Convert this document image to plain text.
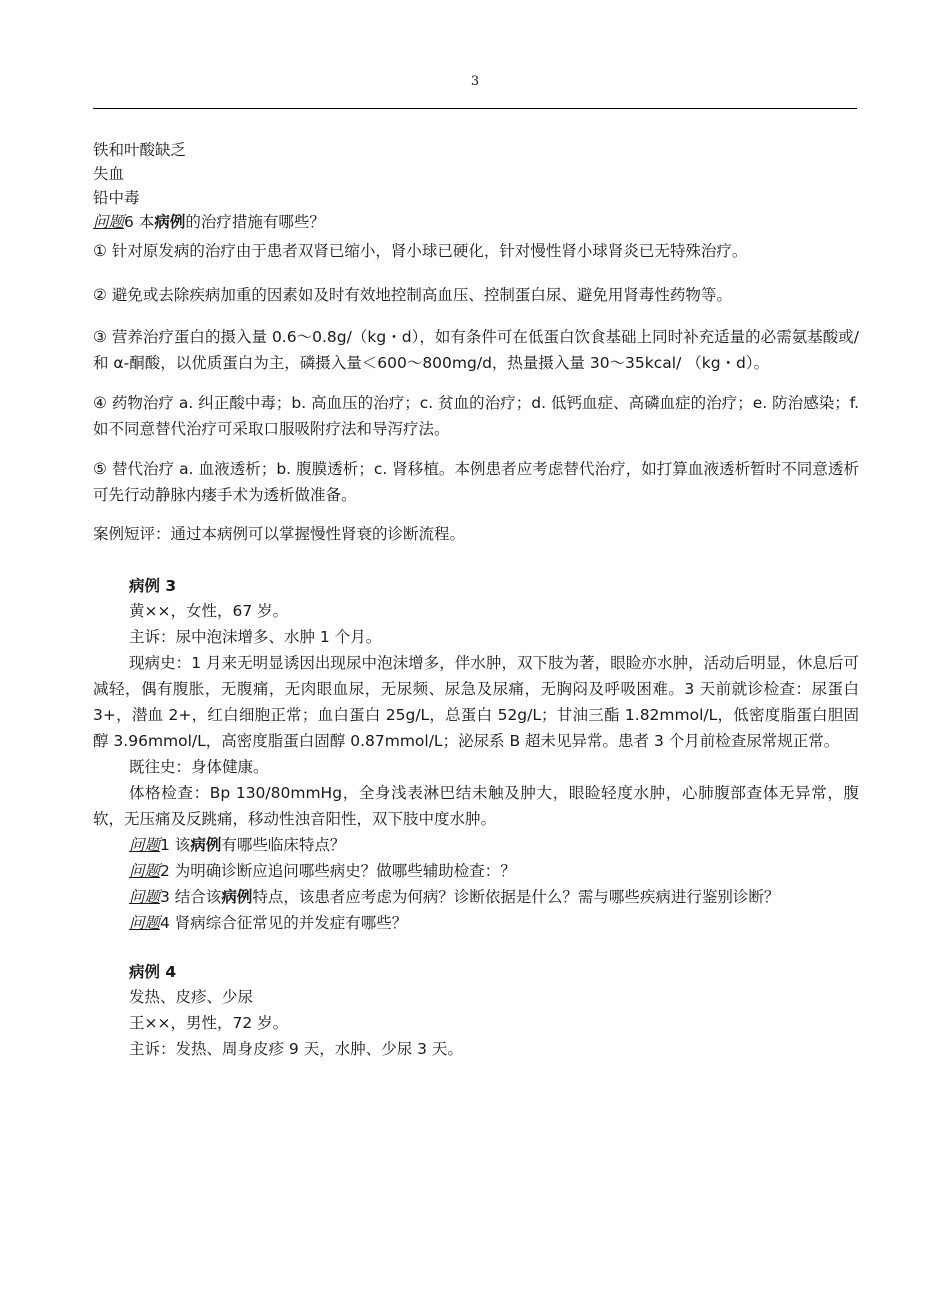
3
铁和叶酸缺乏
失血
铅中毒
问题6 本病例的治疗措施有哪些？
① 针对原发病的治疗由于患者双肾已缩小，肾小球已硬化，针对慢性肾小球肾炎已无特殊治疗。
② 避免或去除疾病加重的因素如及时有效地控制高血压、控制蛋白尿、避免用肾毒性药物等。
③ 营养治疗蛋白的摄入量 0.6～0.8g/（kg・d），如有条件可在低蛋白饮食基础上同时补充适量的必需氨基酸或/和 α-酮酸，以优质蛋白为主，磷摄入量＜600～800mg/d，热量摄入量 30～35kcal/ （kg・d）。
④ 药物治疗 a. 纠正酸中毒；b. 高血压的治疗；c. 贫血的治疗；d. 低钙血症、高磷血症的治疗；e. 防治感染；f. 如不同意替代治疗可采取口服吸附疗法和导泻疗法。
⑤ 替代治疗 a. 血液透析；b. 腹膜透析；c. 肾移植。本例患者应考虑替代治疗，如打算血液透析暂时不同意透析可先行动静脉内瘘手术为透析做准备。
案例短评：通过本病例可以掌握慢性肾衰的诊断流程。
病例 3
黄××，女性，67 岁。
主诉：尿中泡沫增多、水肿 1 个月。
现病史：1 月来无明显诱因出现尿中泡沫增多，伴水肿，双下肢为著，眼睑亦水肿，活动后明显，休息后可减轻，偶有腹胀，无腹痛，无肉眼血尿，无尿频、尿急及尿痛，无胸闷及呼吸困难。3 天前就诊检查：尿蛋白 3+，潜血 2+，红白细胞正常；血白蛋白 25g/L，总蛋白 52g/L；甘油三酯 1.82mmol/L，低密度脂蛋白胆固醇 3.96mmol/L，高密度脂蛋白固醇 0.87mmol/L；泌尿系 B 超未见异常。患者 3 个月前检查尿常规正常。
既往史：身体健康。
体格检查：Bp 130/80mmHg，全身浅表淋巴结未触及肿大，眼睑轻度水肿，心肺腹部查体无异常，腹软，无压痛及反跳痛，移动性浊音阳性，双下肢中度水肿。
问题1 该病例有哪些临床特点？
问题2 为明确诊断应追问哪些病史？做哪些辅助检查：？
问题3 结合该病例特点，该患者应考虑为何病？诊断依据是什么？需与哪些疾病进行鉴别诊断？
问题4 肾病综合征常见的并发症有哪些？
病例 4
发热、皮疹、少尿
王××，男性，72 岁。
主诉：发热、周身皮疹 9 天，水肿、少尿 3 天。
